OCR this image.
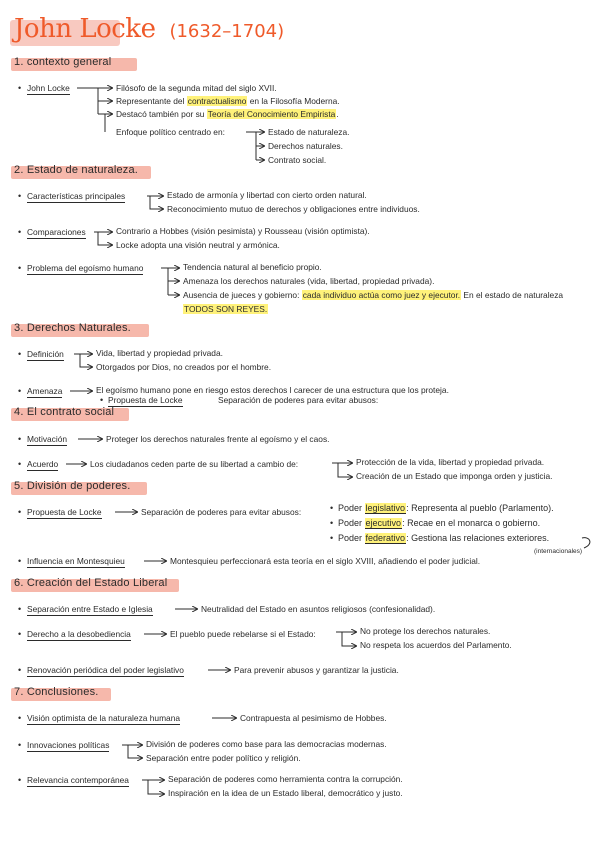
John Locke (1632–1704)
1. contexto general
• John Locke	Filósofo de la segunda mitad del siglo XVII.
Representante del contractualismo en la Filosofía Moderna.
Destacó también por su Teoría del Conocimiento Empirista.
Enfoque político centrado en:	Estado de naturaleza.
Derechos naturales.
Contrato social.
2. Estado de naturaleza.
• Características principales	Estado de armonía y libertad con cierto orden natural.
Reconocimiento mutuo de derechos y obligaciones entre individuos.
• Comparaciones	Contrario a Hobbes (visión pesimista) y Rousseau (visión optimista).
Locke adopta una visión neutral y armónica.
• Problema del egoísmo humano	Tendencia natural al beneficio propio.
Amenaza los derechos naturales (vida, libertad, propiedad privada).
Ausencia de jueces y gobierno: cada individuo actúa como juez y ejecutor. En el estado de naturaleza
TODOS SON REYES.
3. Derechos Naturales.
• Definición	Vida, libertad y propiedad privada.
Otorgados por Dios, no creados por el hombre.
• Amenaza	El egoísmo humano pone en riesgo estos derechos l carecer de una estructura que los proteja.
• Propuesta de Locke	Separación de poderes para evitar abusos:
4. El contrato social
• Motivación	Proteger los derechos naturales frente al egoísmo y el caos.
• Acuerdo	Los ciudadanos ceden parte de su libertad a cambio de:	Protección de la vida, libertad y propiedad privada.
Creación de un Estado que imponga orden y justicia.
5. División de poderes.
• Propuesta de Locke	Separación de poderes para evitar abusos:	• Poder legislativo: Representa al pueblo (Parlamento).
• Poder ejecutivo: Recae en el monarca o gobierno.
• Poder federativo: Gestiona las relaciones exteriores.
(internacionales)
• Influencia en Montesquieu	Montesquieu perfeccionará esta teoría en el siglo XVIII, añadiendo el poder judicial.
6. Creación del Estado Liberal
• Separación entre Estado e Iglesia	Neutralidad del Estado en asuntos religiosos (confesionalidad).
• Derecho a la desobediencia	El pueblo puede rebelarse si el Estado:	No protege los derechos naturales.
No respeta los acuerdos del Parlamento.
• Renovación periódica del poder legislativo	Para prevenir abusos y garantizar la justicia.
7. Conclusiones.
• Visión optimista de la naturaleza humana	Contrapuesta al pesimismo de Hobbes.
• Innovaciones políticas	División de poderes como base para las democracias modernas.
Separación entre poder político y religión.
• Relevancia contemporánea	Separación de poderes como herramienta contra la corrupción.
Inspiración en la idea de un Estado liberal, democrático y justo.
